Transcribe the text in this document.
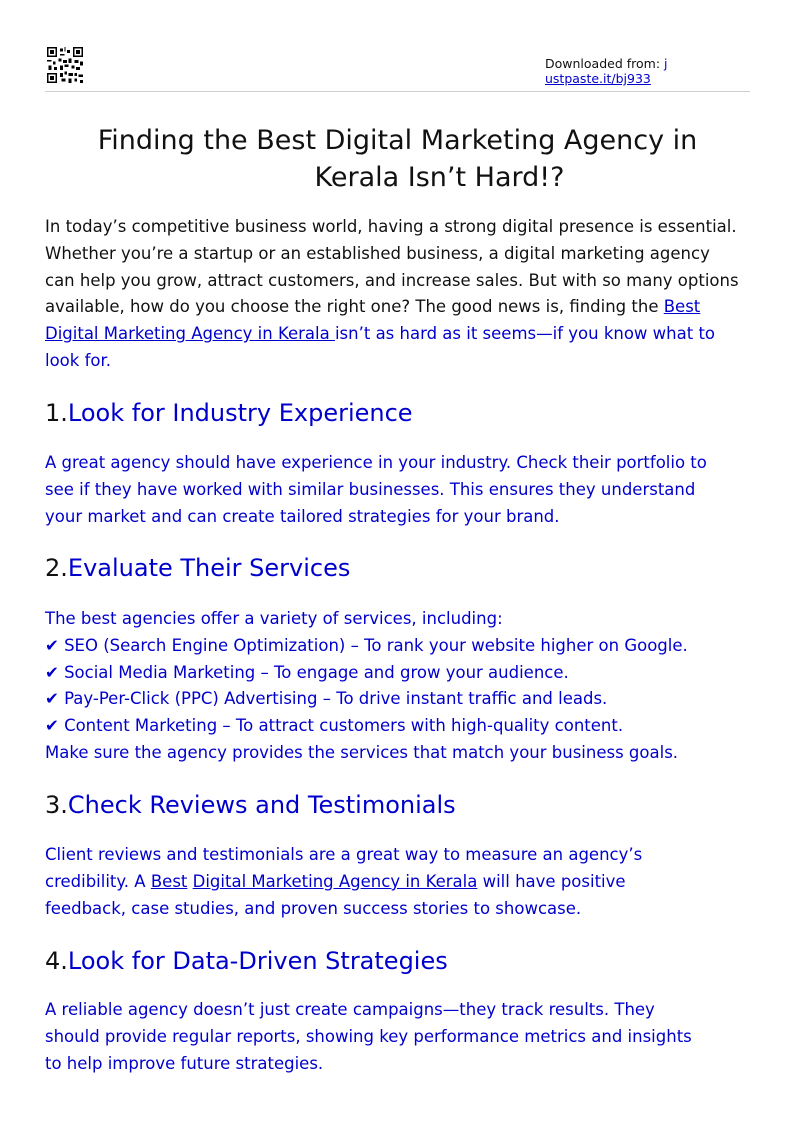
Downloaded from: j
ustpaste.it/bj933
Finding the Best Digital Marketing Agency in
Kerala Isn’t Hard!?

In today’s competitive business world, having a strong digital presence is essential.
Whether you’re a startup or an established business, a digital marketing agency
can help you grow, attract customers, and increase sales. But with so many options
available, how do you choose the right one? The good news is, finding the Best
Digital Marketing Agency in Kerala isn’t as hard as it seems—if you know what to
look for.

1.Look for Industry Experience

A great agency should have experience in your industry. Check their portfolio to
see if they have worked with similar businesses. This ensures they understand
your market and can create tailored strategies for your brand.

2.Evaluate Their Services

The best agencies offer a variety of services, including:
✔ SEO (Search Engine Optimization) – To rank your website higher on Google.
✔ Social Media Marketing – To engage and grow your audience.
✔ Pay-Per-Click (PPC) Advertising – To drive instant traffic and leads.
✔ Content Marketing – To attract customers with high-quality content.
Make sure the agency provides the services that match your business goals.

3.Check Reviews and Testimonials

Client reviews and testimonials are a great way to measure an agency’s
credibility. A Best Digital Marketing Agency in Kerala will have positive
feedback, case studies, and proven success stories to showcase.

4.Look for Data-Driven Strategies

A reliable agency doesn’t just create campaigns—they track results. They
should provide regular reports, showing key performance metrics and insights
to help improve future strategies.
